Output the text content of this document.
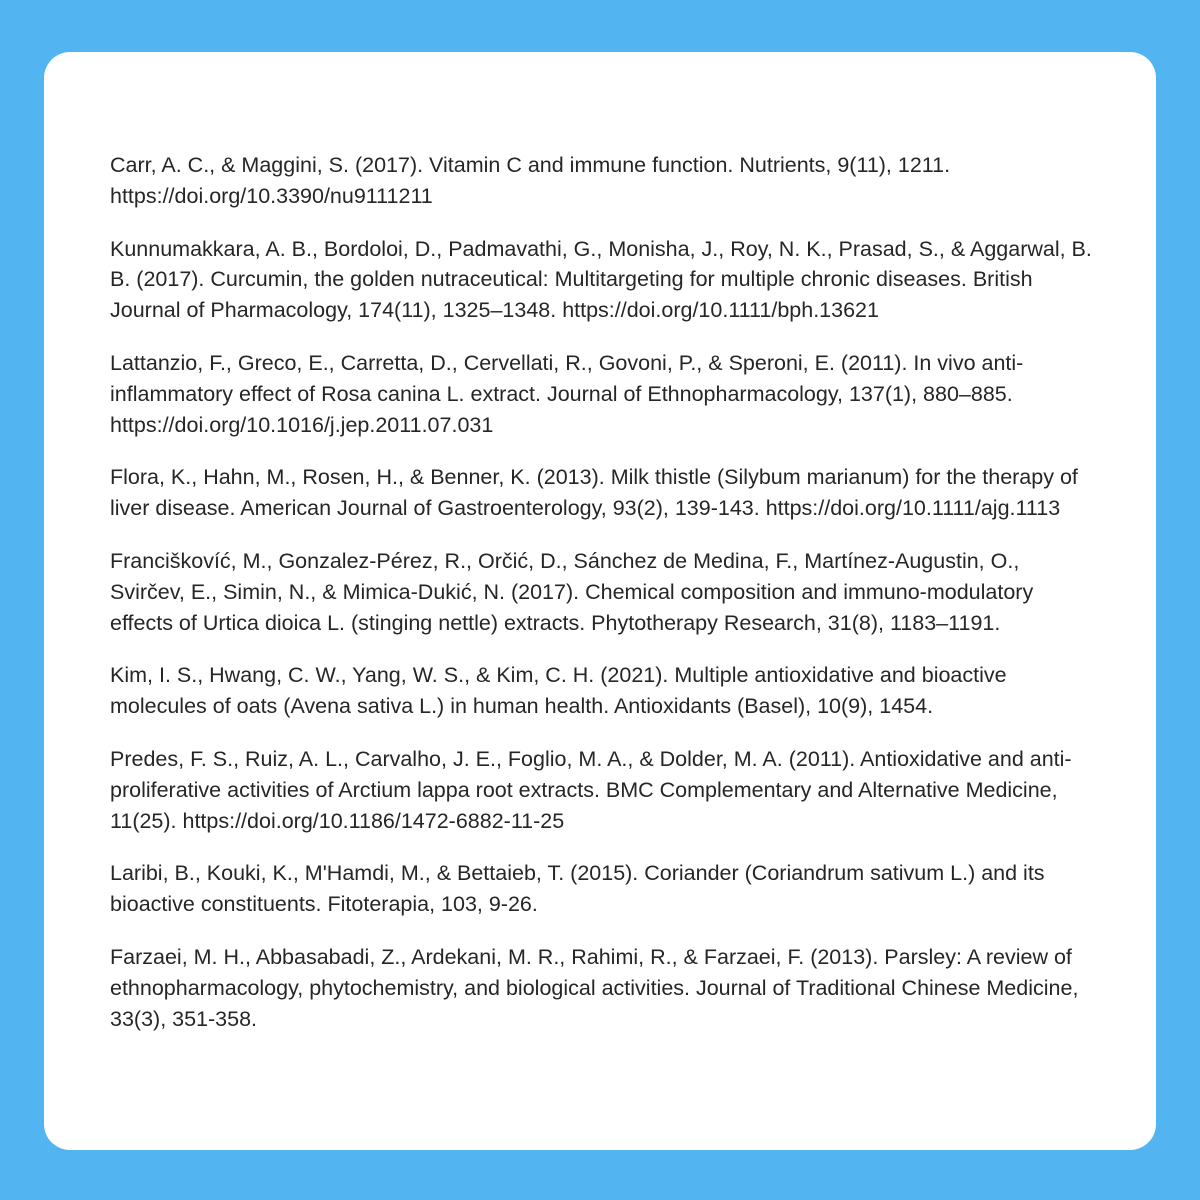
Carr, A. C., & Maggini, S. (2017). Vitamin C and immune function. Nutrients, 9(11), 1211. https://doi.org/10.3390/nu9111211
Kunnumakkara, A. B., Bordoloi, D., Padmavathi, G., Monisha, J., Roy, N. K., Prasad, S., & Aggarwal, B. B. (2017). Curcumin, the golden nutraceutical: Multitargeting for multiple chronic diseases. British Journal of Pharmacology, 174(11), 1325–1348. https://doi.org/10.1111/bph.13621
Lattanzio, F., Greco, E., Carretta, D., Cervellati, R., Govoni, P., & Speroni, E. (2011). In vivo anti-inflammatory effect of Rosa canina L. extract. Journal of Ethnopharmacology, 137(1), 880–885. https://doi.org/10.1016/j.jep.2011.07.031
Flora, K., Hahn, M., Rosen, H., & Benner, K. (2013). Milk thistle (Silybum marianum) for the therapy of liver disease. American Journal of Gastroenterology, 93(2), 139-143. https://doi.org/10.1111/ajg.1113
Franciškovíć, M., Gonzalez-Pérez, R., Orčić, D., Sánchez de Medina, F., Martínez-Augustin, O., Svirčev, E., Simin, N., & Mimica-Dukić, N. (2017). Chemical composition and immuno-modulatory effects of Urtica dioica L. (stinging nettle) extracts. Phytotherapy Research, 31(8), 1183–1191.
Kim, I. S., Hwang, C. W., Yang, W. S., & Kim, C. H. (2021). Multiple antioxidative and bioactive molecules of oats (Avena sativa L.) in human health. Antioxidants (Basel), 10(9), 1454.
Predes, F. S., Ruiz, A. L., Carvalho, J. E., Foglio, M. A., & Dolder, M. A. (2011). Antioxidative and anti-proliferative activities of Arctium lappa root extracts. BMC Complementary and Alternative Medicine, 11(25). https://doi.org/10.1186/1472-6882-11-25
Laribi, B., Kouki, K., M'Hamdi, M., & Bettaieb, T. (2015). Coriander (Coriandrum sativum L.) and its bioactive constituents. Fitoterapia, 103, 9-26.
Farzaei, M. H., Abbasabadi, Z., Ardekani, M. R., Rahimi, R., & Farzaei, F. (2013). Parsley: A review of ethnopharmacology, phytochemistry, and biological activities. Journal of Traditional Chinese Medicine, 33(3), 351-358.
